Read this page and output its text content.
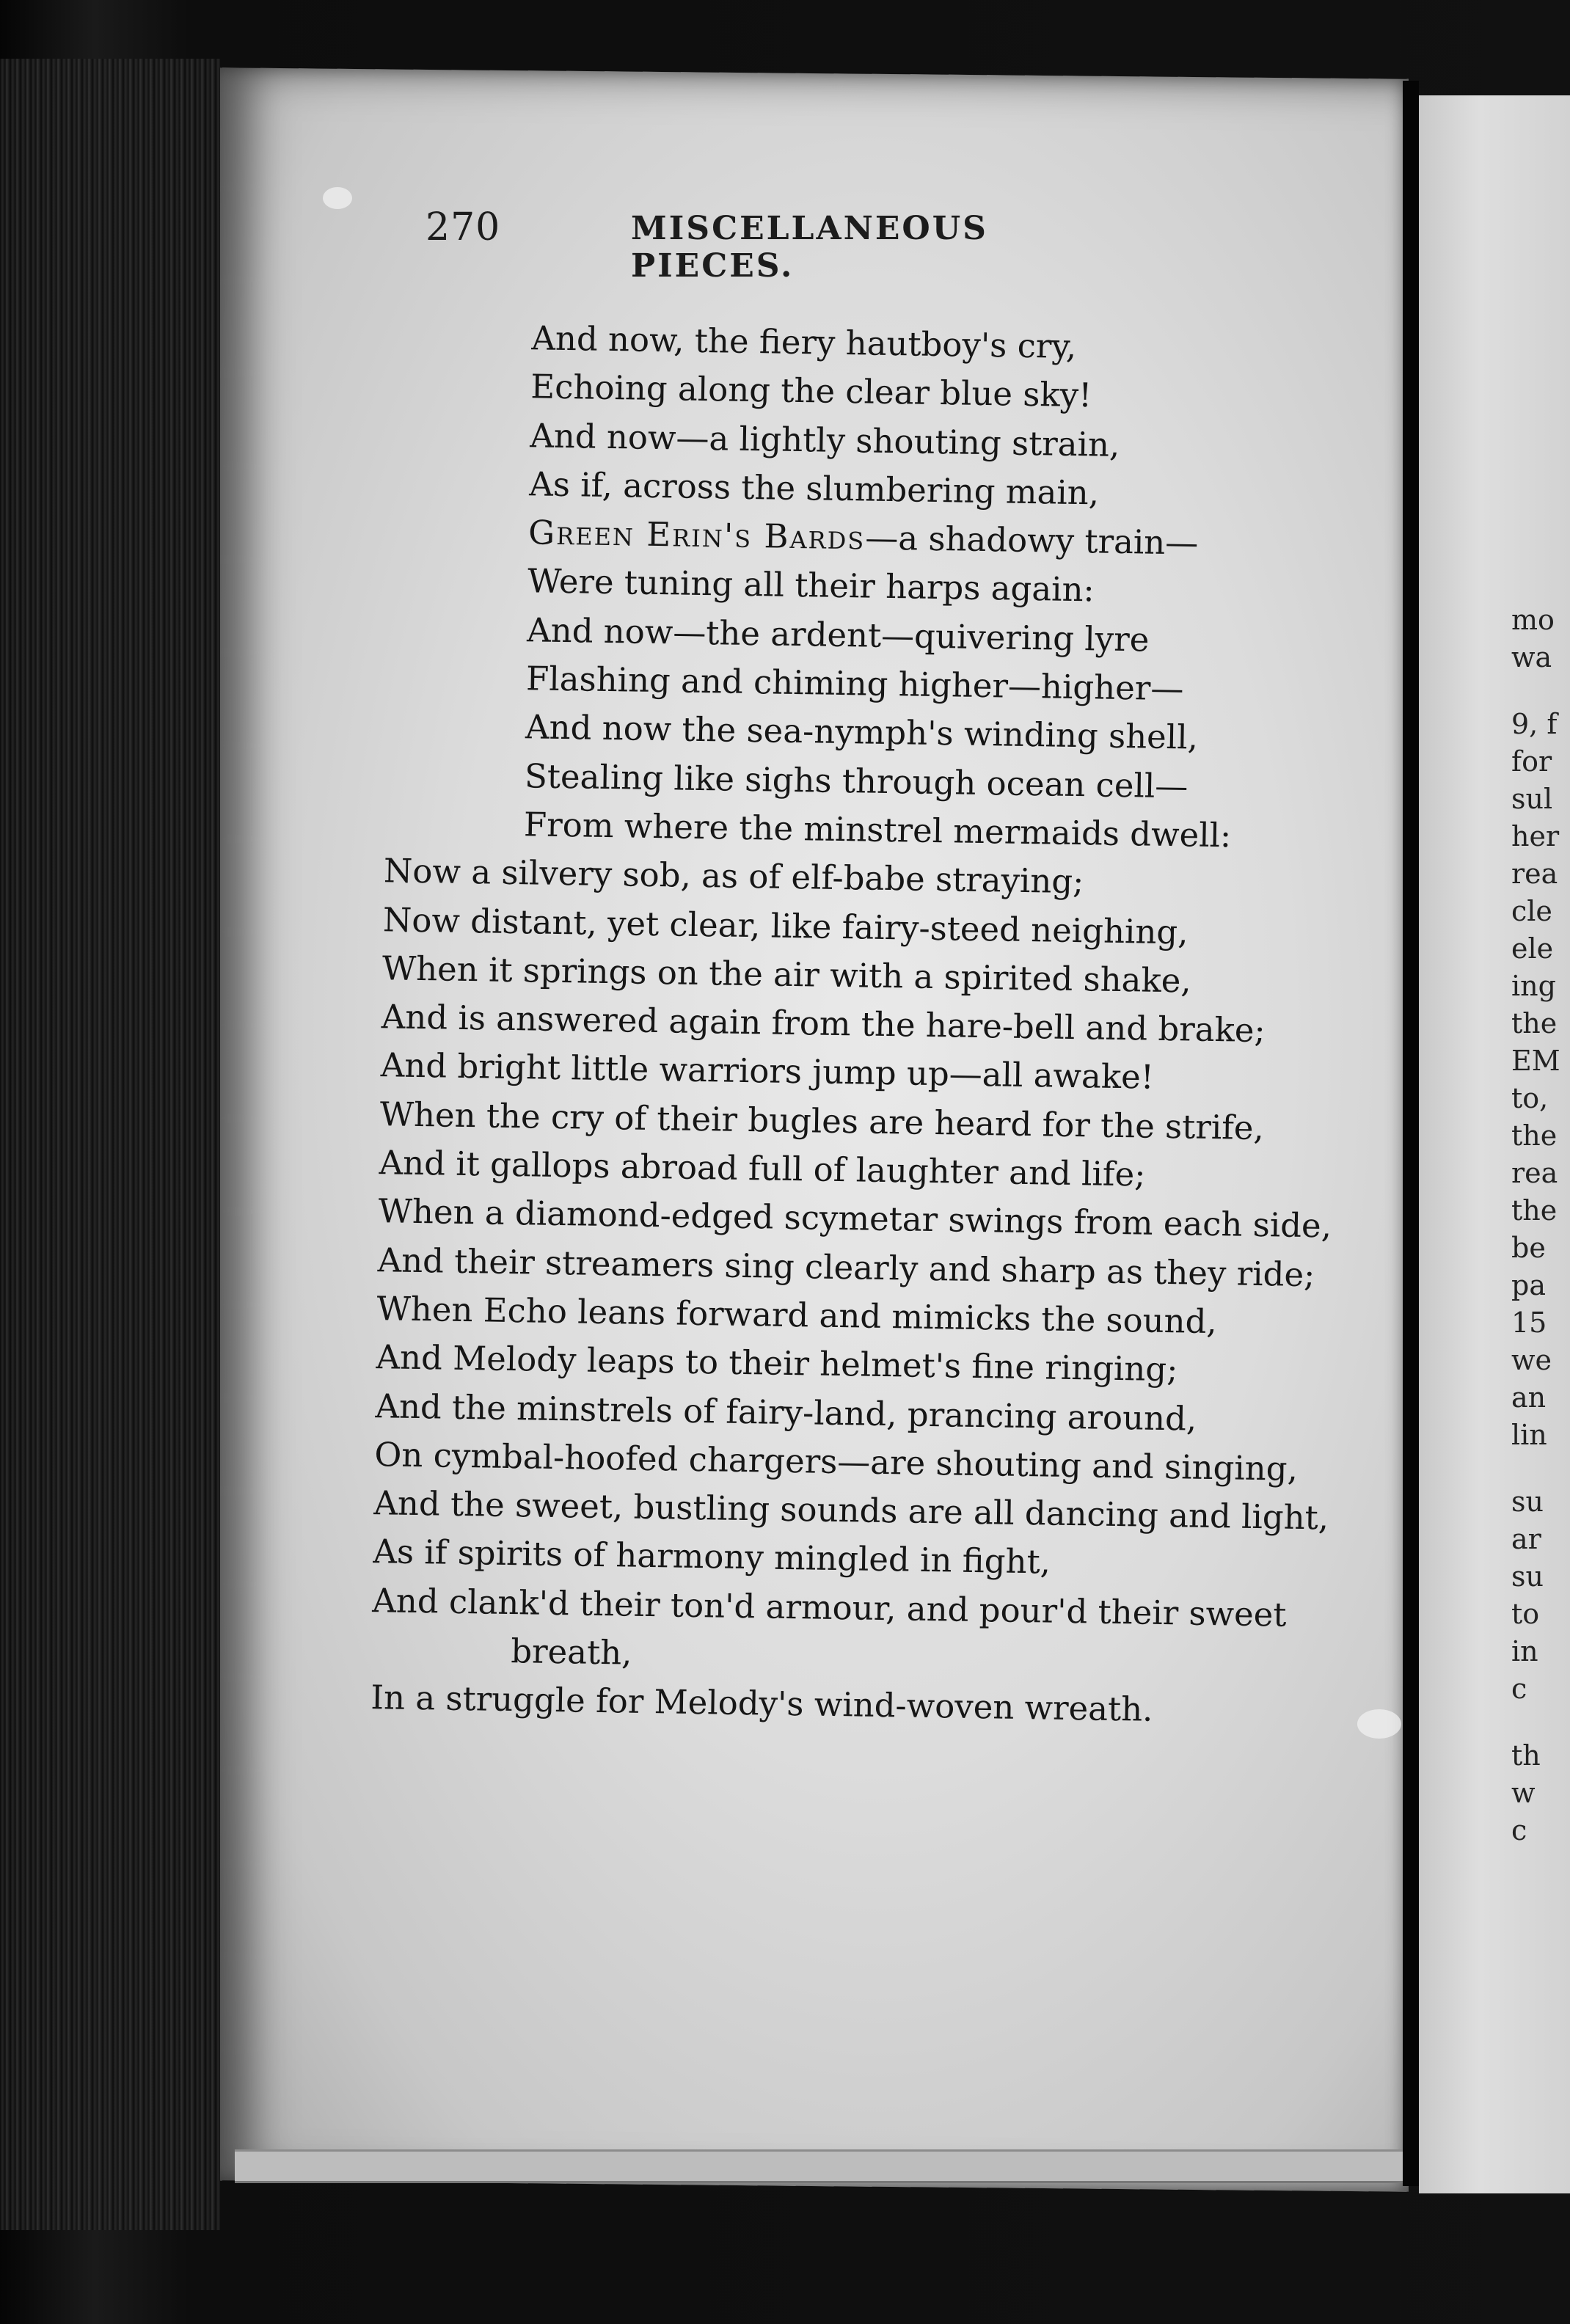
mo
wa
9, f
for
sul
her
rea
cle
ele
ing
the
EM
to,
the
rea
the
be
pa
15
we
an
lin
su
ar
su
to
in
c
th
w
c
270	MISCELLANEOUS PIECES.
And now, the fiery hautboy's cry,
Echoing along the clear blue sky!
And now—a lightly shouting strain,
As if, across the slumbering main,
Green Erin's Bards—a shadowy train—
Were tuning all their harps again:
And now—the ardent—quivering lyre
Flashing and chiming higher—higher—
And now the sea-nymph's winding shell,
Stealing like sighs through ocean cell—
From where the minstrel mermaids dwell:
Now a silvery sob, as of elf-babe straying;
Now distant, yet clear, like fairy-steed neighing,
When it springs on the air with a spirited shake,
And is answered again from the hare-bell and brake;
And bright little warriors jump up—all awake!
When the cry of their bugles are heard for the strife,
And it gallops abroad full of laughter and life;
When a diamond-edged scymetar swings from each side,
And their streamers sing clearly and sharp as they ride;
When Echo leans forward and mimicks the sound,
And Melody leaps to their helmet's fine ringing;
And the minstrels of fairy-land, prancing around,
On cymbal-hoofed chargers—are shouting and singing,
And the sweet, bustling sounds are all dancing and light,
As if spirits of harmony mingled in fight,
And clank'd their ton'd armour, and pour'd their sweet
breath,
In a struggle for Melody's wind-woven wreath.
